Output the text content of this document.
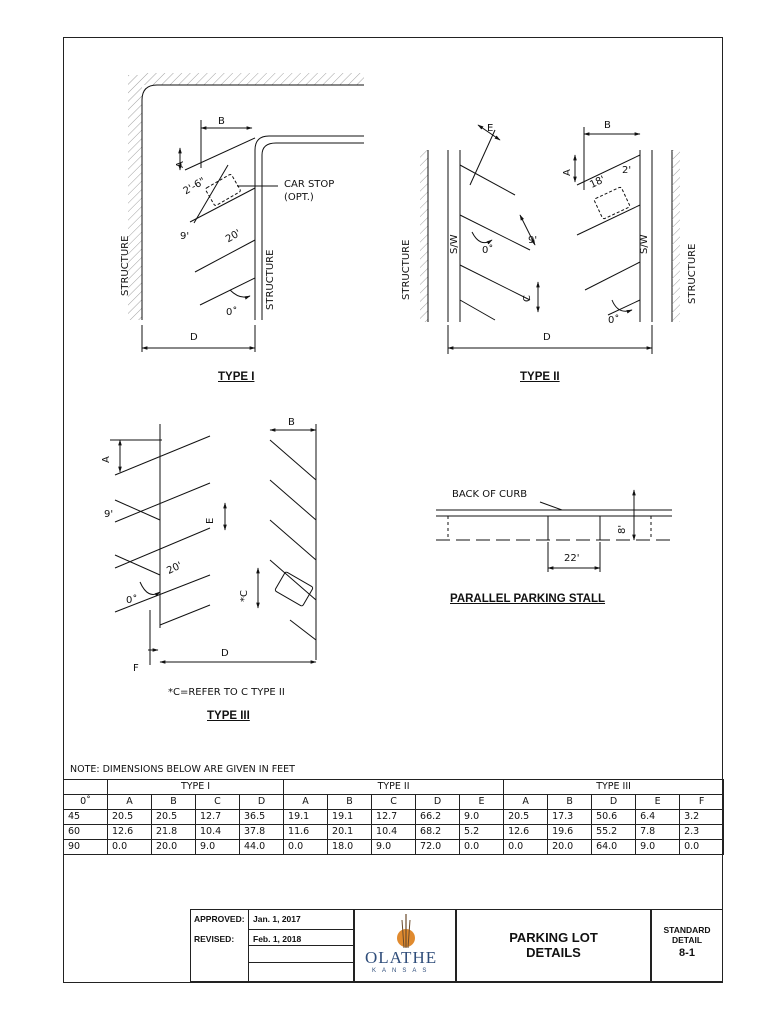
B
A
2'-6"	CAR STOP
(OPT.)
9'	20'
0˚
D
STRUCTURE	STRUCTURE
TYPE I
E	B
A
18'
2'
0˚
9'
C
0˚
D
S/W	S/W
STRUCTURE	STRUCTURE
TYPE II
A
B
9'
E
20'
0˚	*C
F
D
*C=REFER TO C TYPE II
TYPE III
BACK OF CURB
8'
22'
PARALLEL PARKING STALL
NOTE: DIMENSIONS BELOW ARE GIVEN IN FEET
	TYPE I				TYPE II					TYPE III				
0˚	A	B	C	D	A	B	C	D	E	A	B	D	E	F
45	20.5	20.5	12.7	36.5	19.1	19.1	12.7	66.2	9.0	20.5	17.3	50.6	6.4	3.2
60	12.6	21.8	10.4	37.8	11.6	20.1	10.4	68.2	5.2	12.6	19.6	55.2	7.8	2.3
90	0.0	20.0	9.0	44.0	0.0	18.0	9.0	72.0	0.0	0.0	20.0	64.0	9.0	0.0
APPROVED: Jan. 1, 2017
REVISED: Feb. 1, 2018
OLATHE
KANSAS
PARKING LOT
DETAILS
STANDARD
DETAIL
8-1
